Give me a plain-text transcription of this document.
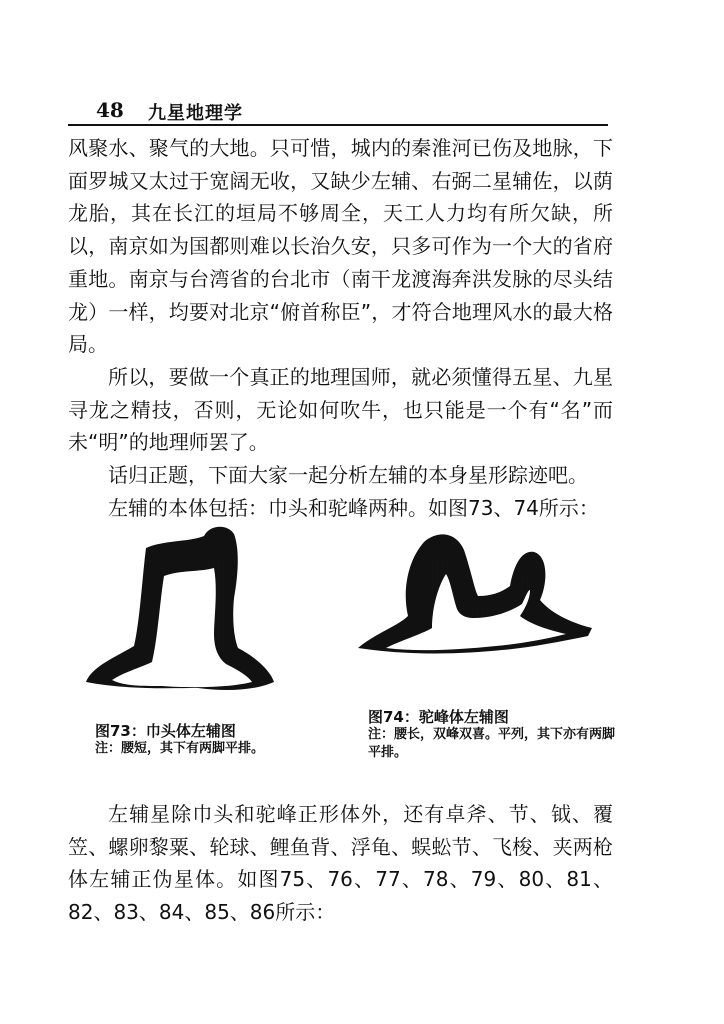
48 九星地理学

风聚水、聚气的大地。只可惜，城内的秦淮河已伤及地脉，下面罗城又太过于宽阔无收，又缺少左辅、右弼二星辅佐，以荫龙胎，其在长江的垣局不够周全，天工人力均有所欠缺，所以，南京如为国都则难以长治久安，只多可作为一个大的省府重地。南京与台湾省的台北市（南干龙渡海奔洪发脉的尽头结龙）一样，均要对北京“俯首称臣”，才符合地理风水的最大格局。

所以，要做一个真正的地理国师，就必须懂得五星、九星寻龙之精技，否则，无论如何吹牛，也只能是一个有“名”而未“明”的地理师罢了。

话归正题，下面大家一起分析左辅的本身星形踪迹吧。

左辅的本体包括：巾头和驼峰两种。如图73、74所示：

图73：巾头体左辅图
注：腰短，其下有两脚平排。
图74：驼峰体左辅图
注：腰长，双峰双喜。平列，其下亦有两脚平排。

左辅星除巾头和驼峰正形体外，还有卓斧、节、钺、覆笠、螺卵黎粟、轮球、鲤鱼背、浮龟、蜈蚣节、飞梭、夹两枪体左辅正伪星体。如图75、76、77、78、79、80、81、82、83、84、85、86所示：
